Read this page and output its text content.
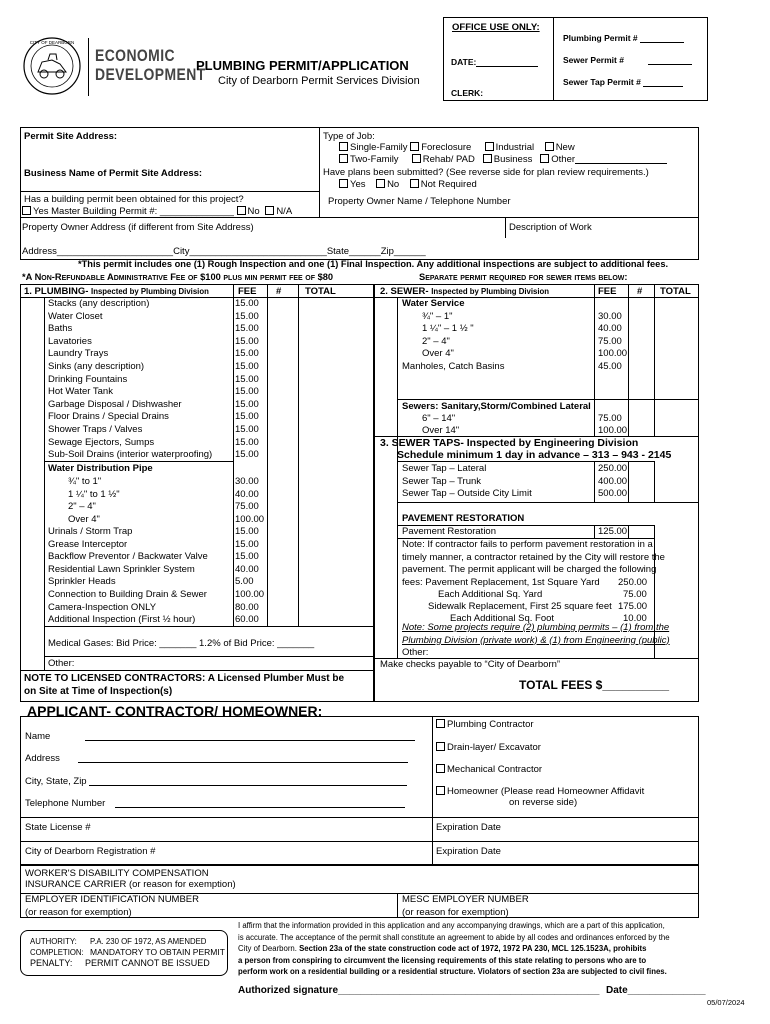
CITY OF DEARBORN
ECONOMIC
DEVELOPMENT
PLUMBING PERMIT/APPLICATION
City of Dearborn Permit Services Division
OFFICE USE ONLY:
DATE:
CLERK:
Plumbing Permit #
Sewer Permit #
Sewer Tap Permit #
Permit Site Address:
Business Name of Permit Site Address:
Has a building permit been obtained for this project?
Yes Master Building Permit #: ______________ No N/A
Type of Job:
Single-Family Foreclosure	Industrial New
Two-Family	Rehab/ PAD Business Other
Have plans been submitted? (See reverse side for plan review requirements.)
Yes No Not Required
Property Owner Name / Telephone Number
Property Owner Address (if different from Site Address)	Description of Work
Address______________________City__________________________State______Zip______
*This permit includes one (1) Rough Inspection and one (1) Final Inspection. Any additional inspections are subject to additional fees.
*A Non-Refundable Administrative Fee of $100 plus min permit fee of $80	Separate permit required for sewer items below:
1. PLUMBING- Inspected by Plumbing Division	FEE # TOTAL
Stacks (any description)	15.00
Water Closet	15.00
Baths	15.00
Lavatories	15.00
Laundry Trays	15.00
Sinks (any description)	15.00
Drinking Fountains	15.00
Hot Water Tank	15.00
Garbage Disposal / Dishwasher	15.00
Floor Drains / Special Drains	15.00
Shower Traps / Valves	15.00
Sewage Ejectors, Sumps	15.00
Sub-Soil Drains (interior waterproofing) 15.00
Water Distribution Pipe
¾" to 1"	30.00
1 ¼" to 1 ½"	40.00
2" – 4"	75.00
Over 4"	100.00
Urinals / Storm Trap	15.00
Grease Interceptor	15.00
Backflow Preventor / Backwater Valve	15.00
Residential Lawn Sprinkler System	40.00
Sprinkler Heads	5.00
Connection to Building Drain & Sewer	100.00
Camera-Inspection ONLY	80.00
Additional Inspection (First ½ hour)	60.00
Medical Gases: Bid Price: _______ 1.2% of Bid Price: _______
Other:
NOTE TO LICENSED CONTRACTORS: A Licensed Plumber Must be on Site at Time of Inspection(s)
2. SEWER- Inspected by Plumbing Division	FEE # TOTAL
Water Service
¾" – 1"	30.00
1 ¼" – 1 ½ "	40.00
2" – 4"	75.00
Over 4"	100.00
Manholes, Catch Basins	45.00
Sewers: Sanitary,Storm/Combined Lateral
6" – 14"	75.00
Over 14"	100.00
3. SEWER TAPS- Inspected by Engineering Division
Schedule minimum 1 day in advance – 313 – 943 - 2145
Sewer Tap – Lateral	250.00
Sewer Tap – Trunk	400.00
Sewer Tap – Outside City Limit	500.00
PAVEMENT RESTORATION
Pavement Restoration	125.00
Note: If contractor fails to perform pavement restoration in a
timely manner, a contractor retained by the City will restore the
pavement. The permit applicant will be charged the following
fees: Pavement Replacement, 1st Square Yard	250.00
Each Additional Sq. Yard	75.00
Sidewalk Replacement, First 25 square feet 175.00
Each Additional Sq. Foot	10.00
Note: Some projects require (2) plumbing permits – (1) from the
Plumbing Division (private work) & (1) from Engineering (public)
Other:
Make checks payable to “City of Dearborn”
TOTAL FEES $__________
APPLICANT- CONTRACTOR/ HOMEOWNER:
Name
Address
City, State, Zip
Telephone Number
Plumbing Contractor
Drain-layer/ Excavator
Mechanical Contractor
Homeowner (Please read Homeowner Affidavit
on reverse side)
State License #	Expiration Date
City of Dearborn Registration #	Expiration Date
WORKER'S DISABILITY COMPENSATION
INSURANCE CARRIER (or reason for exemption)
EMPLOYER IDENTIFICATION NUMBER
(or reason for exemption)
MESC EMPLOYER NUMBER
(or reason for exemption)
AUTHORITY: P.A. 230 OF 1972, AS AMENDED
COMPLETION: MANDATORY TO OBTAIN PERMIT
PENALTY: PERMIT CANNOT BE ISSUED
I affirm that the information provided in this application and any accompanying drawings, which are a part of this application,
is accurate. The acceptance of the permit shall constitute an agreement to abide by all codes and ordinances enforced by the
City of Dearborn. Section 23a of the state construction code act of 1972, 1972 PA 230, MCL 125.1523A, prohibits
a person from conspiring to circumvent the licensing requirements of this state relating to persons who are to
perform work on a residential building or a residential structure. Violators of section 23a are subjected to civil fines.
Authorized signature_______________________________________________ Date______________
05/07/2024
